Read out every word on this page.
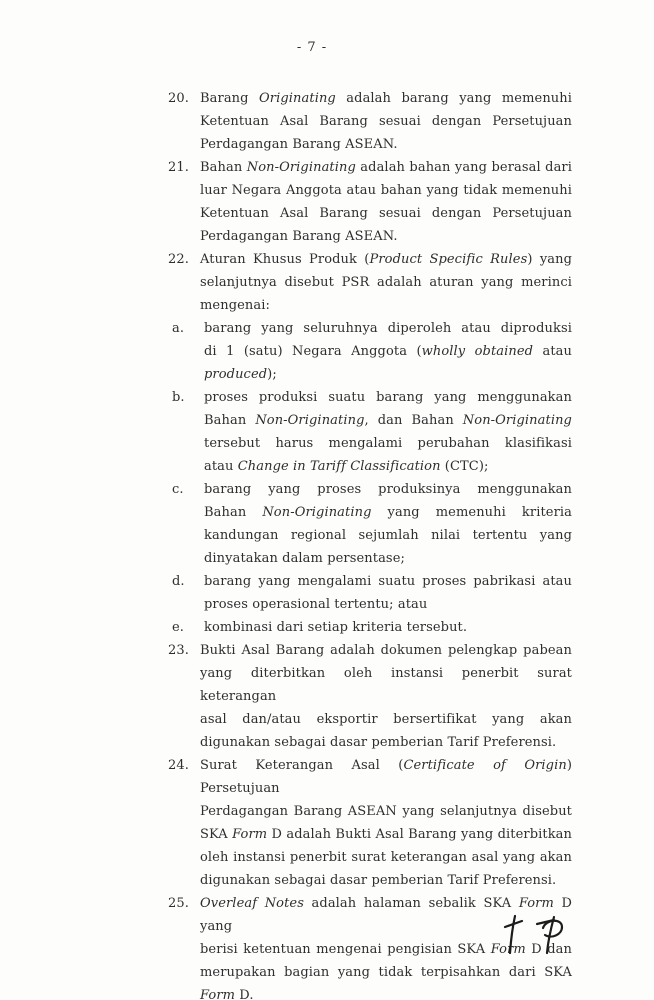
- 7 -
20. Barang Originating adalah barang yang memenuhi
Ketentuan Asal Barang sesuai dengan Persetujuan
Perdagangan Barang ASEAN.
21. Bahan Non-Originating adalah bahan yang berasal dari
luar Negara Anggota atau bahan yang tidak memenuhi
Ketentuan Asal Barang sesuai dengan Persetujuan
Perdagangan Barang ASEAN.
22. Aturan Khusus Produk (Product Specific Rules) yang
selanjutnya disebut PSR adalah aturan yang merinci
mengenai:
a. barang yang seluruhnya diperoleh atau diproduksi
di 1 (satu) Negara Anggota (wholly obtained atau
produced);
b. proses produksi suatu barang yang menggunakan
Bahan Non-Originating, dan Bahan Non-Originating
tersebut harus mengalami perubahan klasifikasi
atau Change in Tariff Classification (CTC);
c. barang yang proses produksinya menggunakan
Bahan Non-Originating yang memenuhi kriteria
kandungan regional sejumlah nilai tertentu yang
dinyatakan dalam persentase;
d. barang yang mengalami suatu proses pabrikasi atau
proses operasional tertentu; atau
e. kombinasi dari setiap kriteria tersebut.
23. Bukti Asal Barang adalah dokumen pelengkap pabean
yang diterbitkan oleh instansi penerbit surat keterangan
asal dan/atau eksportir bersertifikat yang akan
digunakan sebagai dasar pemberian Tarif Preferensi.
24. Surat Keterangan Asal (Certificate of Origin) Persetujuan
Perdagangan Barang ASEAN yang selanjutnya disebut
SKA Form D adalah Bukti Asal Barang yang diterbitkan
oleh instansi penerbit surat keterangan asal yang akan
digunakan sebagai dasar pemberian Tarif Preferensi.
25. Overleaf Notes adalah halaman sebalik SKA Form D yang
berisi ketentuan mengenai pengisian SKA Form D dan
merupakan bagian yang tidak terpisahkan dari SKA
Form D.
